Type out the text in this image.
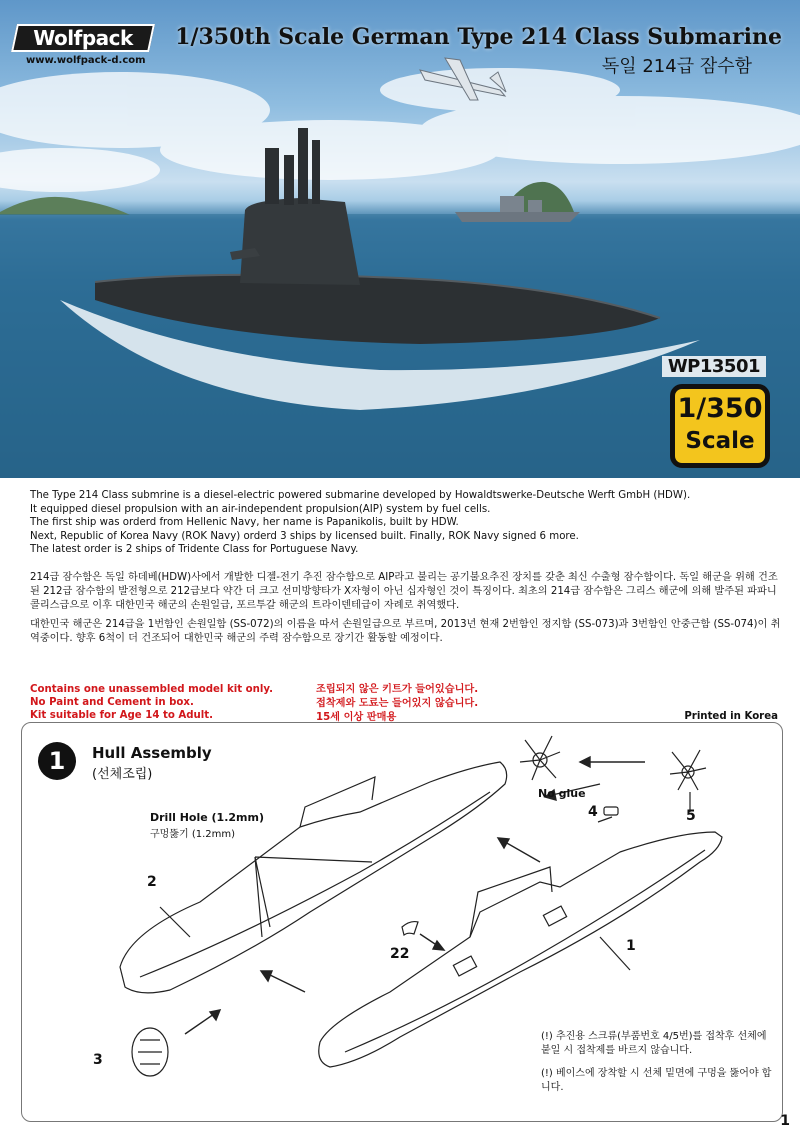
Wolfpack
www.wolfpack-d.com
1/350th Scale German Type 214 Class Submarine
독일 214급 잠수함
WP13501
1/350
Scale

The Type 214 Class submrine is a diesel-electric powered submarine developed by Howaldtswerke-Deutsche Werft GmbH (HDW).

It equipped diesel propulsion with an air-independent propulsion(AIP) system by fuel cells.

The first ship was orderd from Hellenic Navy, her name is Papanikolis, built by HDW.

Next, Republic of Korea Navy (ROK Navy) orderd 3 ships by licensed built. Finally, ROK Navy signed 6 more.

The latest order is 2 ships of Tridente Class for Portuguese Navy.

214급 잠수함은 독일 하데베(HDW)사에서 개발한 디젤-전기 추진 잠수함으로 AIP라고 불리는 공기불요추진 장치를 갖춘 최신 수출형 잠수함이다. 독일 해군을 위해 건조된 212급 잠수함의 발전형으로 212급보다 약간 더 크고 선미방향타가 X자형이 아닌 십자형인 것이 특징이다. 최초의 214급 잠수함은 그리스 해군에 의해 발주된 파파니콜리스급으로 이후 대한민국 해군의 손원일급, 포르투갈 해군의 트라이덴테급이 자례로 취역했다.

대한민국 해군은 214급을 1번함인 손원일함 (SS-072)의 이름을 따서 손원일급으로 부르며, 2013년 현재 2번함인 정지함 (SS-073)과 3번함인 안중근함 (SS-074)이 취역중이다. 향후 6척이 더 건조되어 대한민국 해군의 주력 잠수함으로 장기간 활동할 예정이다.

Contains one unassembled model kit only.
No Paint and Cement in box.
Kit suitable for Age 14 to Adult.
조립되지 않은 키트가 들어있습니다.
접착제와 도료는 들어있지 않습니다.
15세 이상 판매용	Printed in Korea
1	Hull Assembly
(선체조립)
Drill Hole (1.2mm)
구멍뚫기 (1.2mm)
No glue
2
1
3
4	5
22

(!) 추진용 스크류(부품번호 4/5번)를 접착후 선체에 붙일 시 접착제를 바르지 않습니다.

(!) 베이스에 장착할 시 선체 밑면에 구멍을 뚫어야 합니다.

1
